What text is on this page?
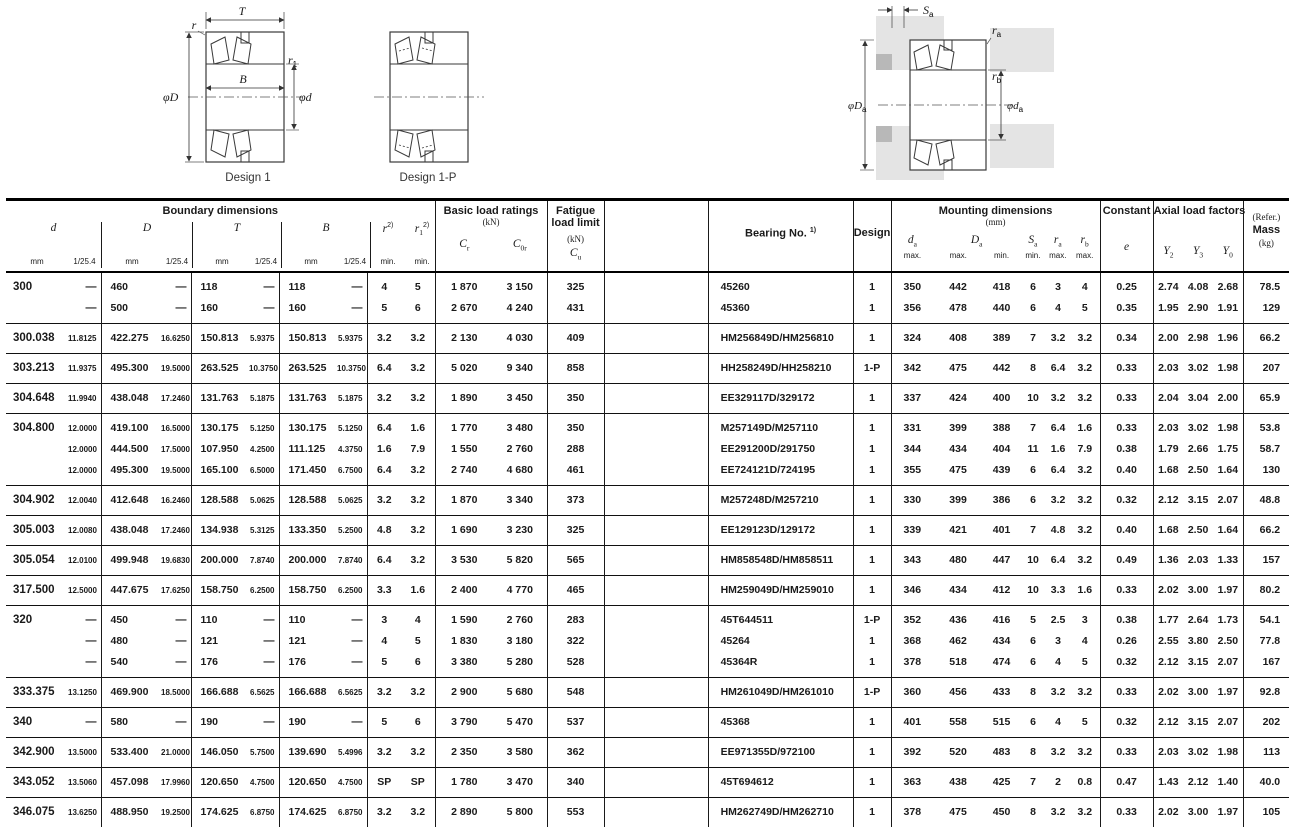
T
r
B
r1
φD	φd
Design 1	Design 1-P
Sa
ra
rb
φDa	φda
Boundary dimensions
d
mm	1/25.4
D
mm	1/25.4
T
mm	1/25.4
B
mm	1/25.4
r$^{2)}$
min.
$r_1^{2)}$
min.

Basic load ratings
(kN)
$C_r$	$C_{0r}$

Fatigue
load limit
(kN)
$C_u$

Bearing No. $^{1)}$	Design

Mounting dimensions
(mm)
$d_a$	$D_a$	$S_a$	$r_a$	$r_b$
max.	max.	min.	min.	max.	max.

Constant
e

Axial load factors
$Y_2$	$Y_3$	$Y_0$

(Refer.)
Mass
(kg)

300	—	460	—	118	—	118	—	4	5	1 870	3 150	325		45260	1	350	442	418	6	3	4	0.25	2.74	4.08	2.68	78.5
	—	500	—	160	—	160	—	5	6	2 670	4 240	431		45360	1	356	478	440	6	4	5	0.35	1.95	2.90	1.91	129
300.038	11.8125	422.275	16.6250	150.813	5.9375	150.813	5.9375	3.2	3.2	2 130	4 030	409		HM256849D/HM256810	1	324	408	389	7	3.2	3.2	0.34	2.00	2.98	1.96	66.2
303.213	11.9375	495.300	19.5000	263.525	10.3750	263.525	10.3750	6.4	3.2	5 020	9 340	858		HH258249D/HH258210	1-P	342	475	442	8	6.4	3.2	0.33	2.03	3.02	1.98	207
304.648	11.9940	438.048	17.2460	131.763	5.1875	131.763	5.1875	3.2	3.2	1 890	3 450	350		EE329117D/329172	1	337	424	400	10	3.2	3.2	0.33	2.04	3.04	2.00	65.9
304.800	12.0000	419.100	16.5000	130.175	5.1250	130.175	5.1250	6.4	1.6	1 770	3 480	350		M257149D/M257110	1	331	399	388	7	6.4	1.6	0.33	2.03	3.02	1.98	53.8
	12.0000	444.500	17.5000	107.950	4.2500	111.125	4.3750	1.6	7.9	1 550	2 760	288		EE291200D/291750	1	344	434	404	11	1.6	7.9	0.38	1.79	2.66	1.75	58.7
	12.0000	495.300	19.5000	165.100	6.5000	171.450	6.7500	6.4	3.2	2 740	4 680	461		EE724121D/724195	1	355	475	439	6	6.4	3.2	0.40	1.68	2.50	1.64	130
304.902	12.0040	412.648	16.2460	128.588	5.0625	128.588	5.0625	3.2	3.2	1 870	3 340	373		M257248D/M257210	1	330	399	386	6	3.2	3.2	0.32	2.12	3.15	2.07	48.8
305.003	12.0080	438.048	17.2460	134.938	5.3125	133.350	5.2500	4.8	3.2	1 690	3 230	325		EE129123D/129172	1	339	421	401	7	4.8	3.2	0.40	1.68	2.50	1.64	66.2
305.054	12.0100	499.948	19.6830	200.000	7.8740	200.000	7.8740	6.4	3.2	3 530	5 820	565		HM858548D/HM858511	1	343	480	447	10	6.4	3.2	0.49	1.36	2.03	1.33	157
317.500	12.5000	447.675	17.6250	158.750	6.2500	158.750	6.2500	3.3	1.6	2 400	4 770	465		HM259049D/HM259010	1	346	434	412	10	3.3	1.6	0.33	2.02	3.00	1.97	80.2
320	—	450	—	110	—	110	—	3	4	1 590	2 760	283		45T644511	1-P	352	436	416	5	2.5	3	0.38	1.77	2.64	1.73	54.1
	—	480	—	121	—	121	—	4	5	1 830	3 180	322		45264	1	368	462	434	6	3	4	0.26	2.55	3.80	2.50	77.8
	—	540	—	176	—	176	—	5	6	3 380	5 280	528		45364R	1	378	518	474	6	4	5	0.32	2.12	3.15	2.07	167
333.375	13.1250	469.900	18.5000	166.688	6.5625	166.688	6.5625	3.2	3.2	2 900	5 680	548		HM261049D/HM261010	1-P	360	456	433	8	3.2	3.2	0.33	2.02	3.00	1.97	92.8
340	—	580	—	190	—	190	—	5	6	3 790	5 470	537		45368	1	401	558	515	6	4	5	0.32	2.12	3.15	2.07	202
342.900	13.5000	533.400	21.0000	146.050	5.7500	139.690	5.4996	3.2	3.2	2 350	3 580	362		EE971355D/972100	1	392	520	483	8	3.2	3.2	0.33	2.03	3.02	1.98	113
343.052	13.5060	457.098	17.9960	120.650	4.7500	120.650	4.7500	SP	SP	1 780	3 470	340		45T694612	1	363	438	425	7	2	0.8	0.47	1.43	2.12	1.40	40.0
346.075	13.6250	488.950	19.2500	174.625	6.8750	174.625	6.8750	3.2	3.2	2 890	5 800	553		HM262749D/HM262710	1	378	475	450	8	3.2	3.2	0.33	2.02	3.00	1.97	105
